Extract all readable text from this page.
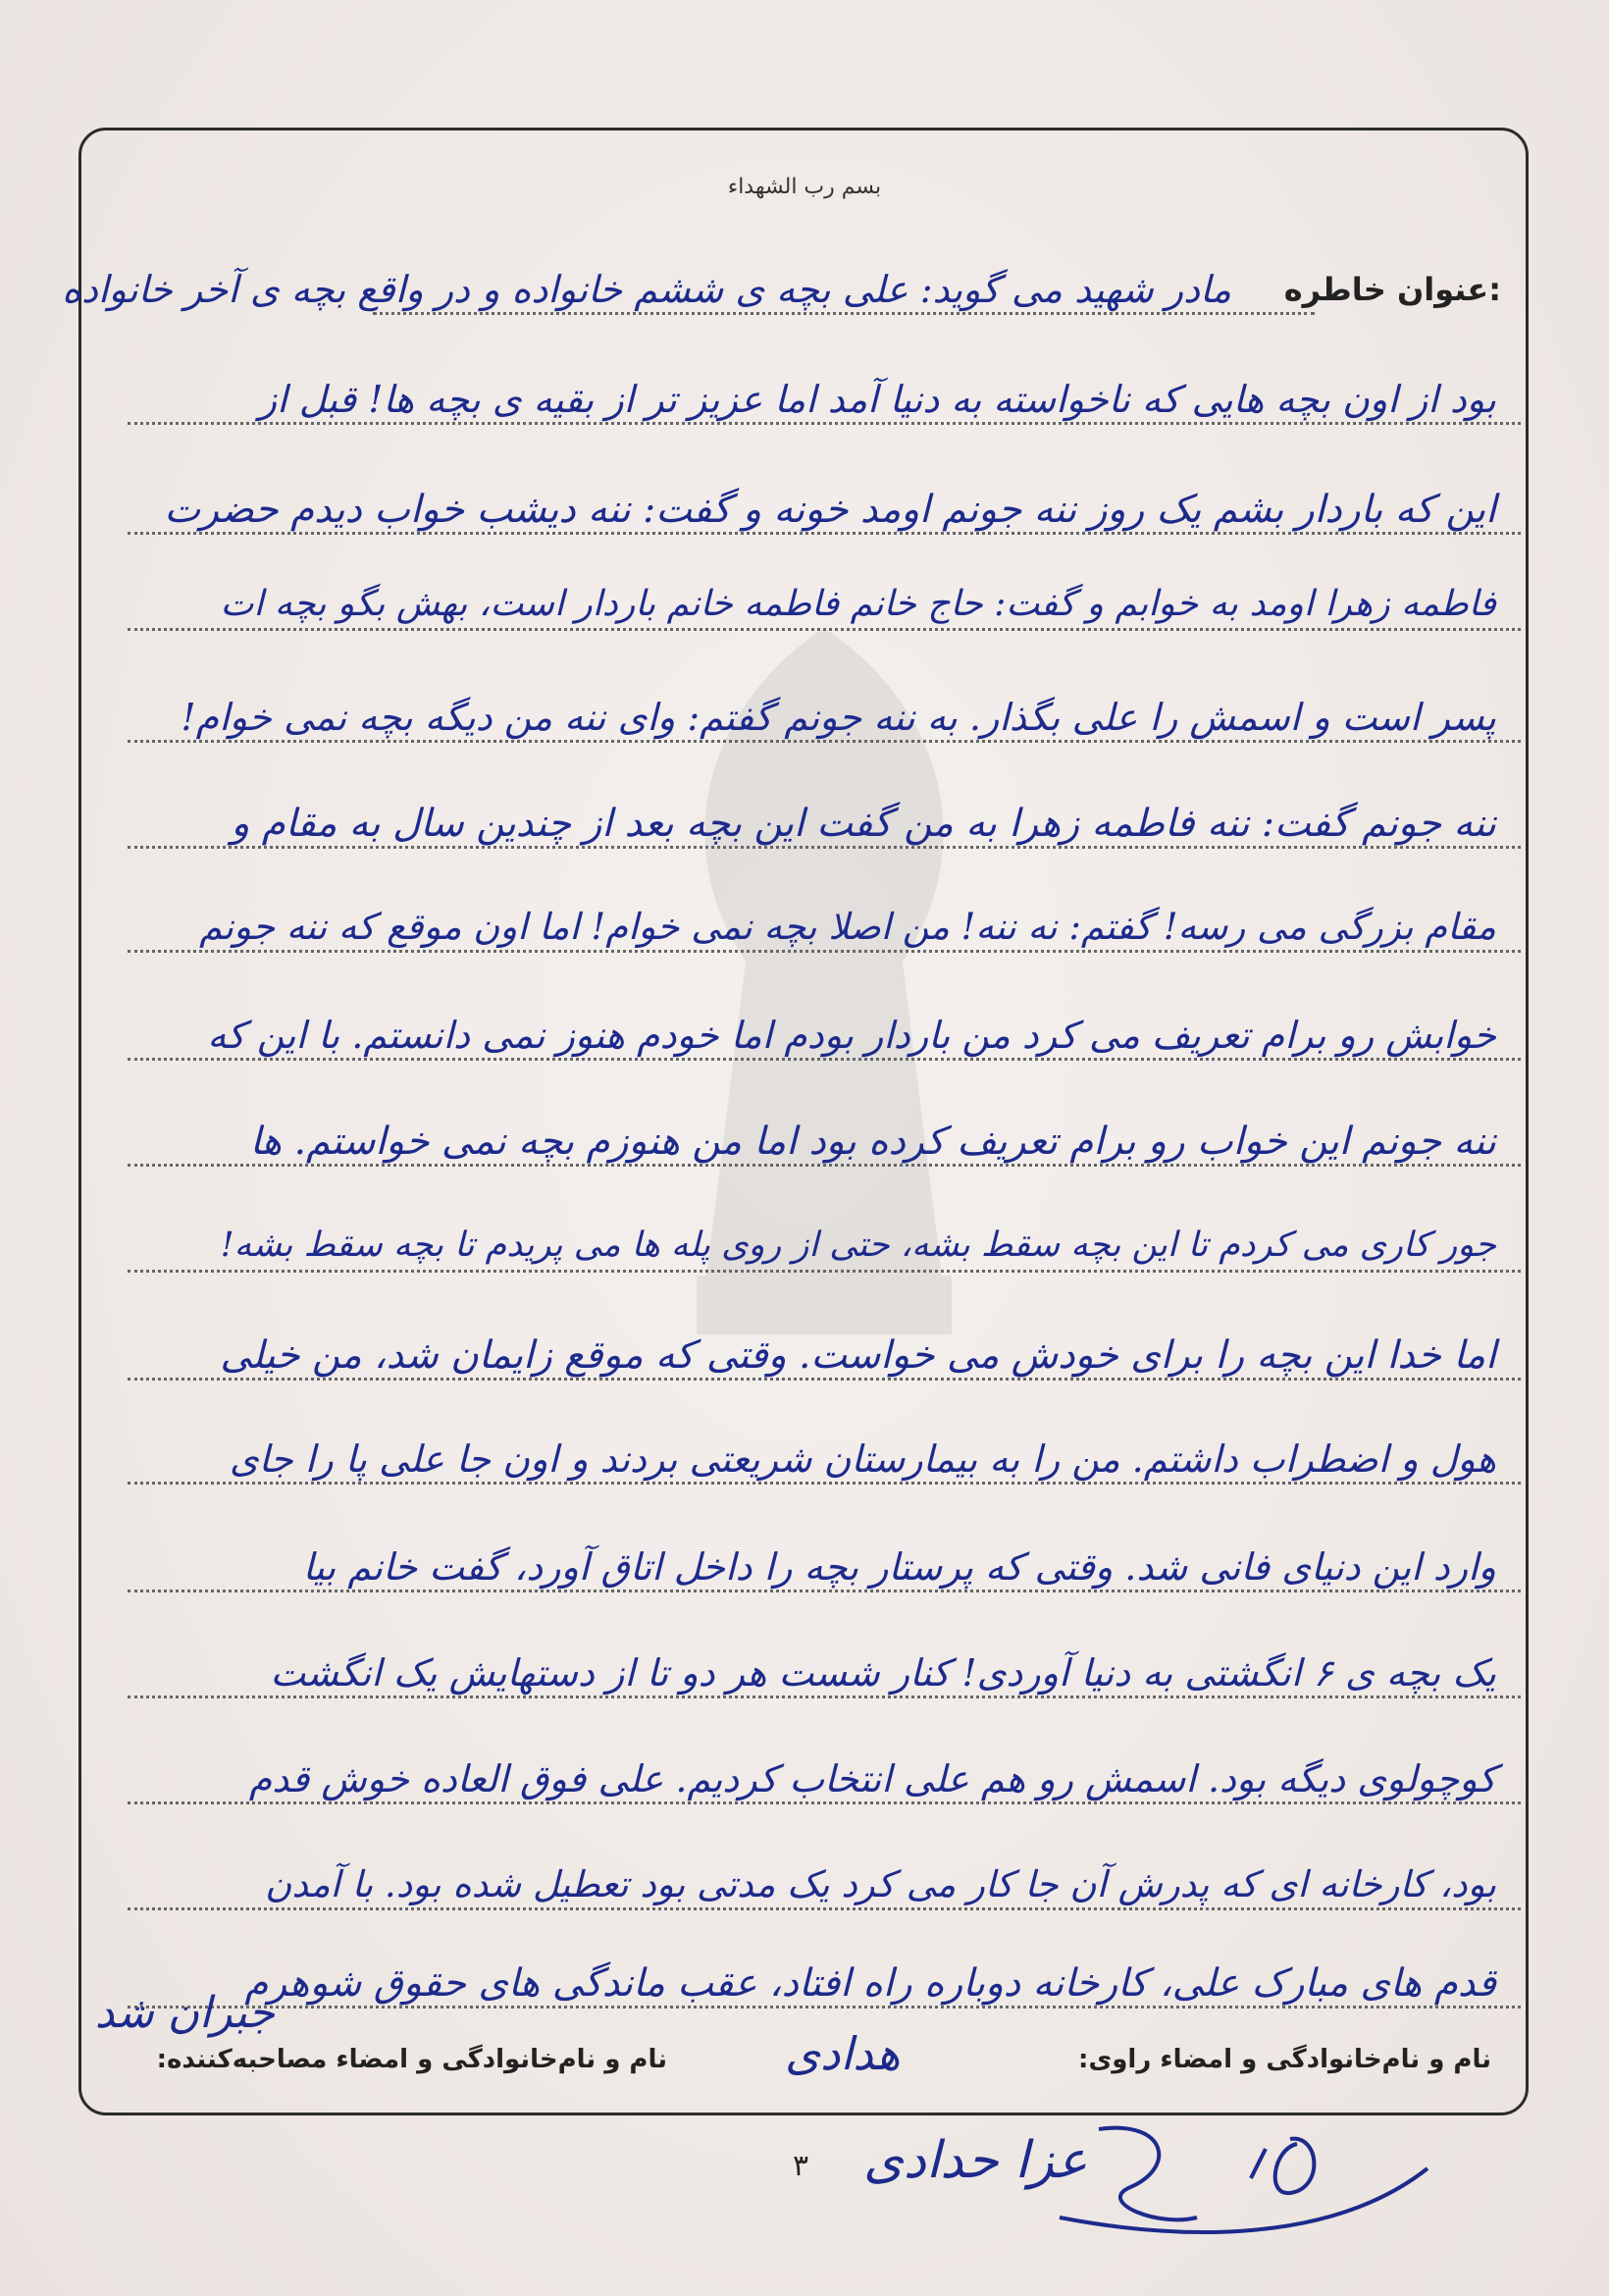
بسم رب الشهداء
عنوان خاطره:
مادر شهید می گوید: علی بچه ی ششم خانواده و در واقع بچه ی آخر خانواده
بود از اون بچه هایی که ناخواسته به دنیا آمد اما عزیز تر از بقیه ی بچه ها! قبل از
این که باردار بشم یک روز ننه جونم اومد خونه و گفت: ننه دیشب خواب دیدم حضرت
فاطمه زهرا اومد به خوابم و گفت: حاج خانم فاطمه خانم باردار است، بهش بگو بچه ات
پسر است و اسمش را علی بگذار. به ننه جونم گفتم: وای ننه من دیگه بچه نمی خوام!
ننه جونم گفت: ننه فاطمه زهرا به من گفت این بچه بعد از چندین سال به مقام و
مقام بزرگی می رسه! گفتم: نه ننه! من اصلا بچه نمی خوام! اما اون موقع که ننه جونم
خوابش رو برام تعریف می کرد من باردار بودم اما خودم هنوز نمی دانستم. با این که
ننه جونم این خواب رو برام تعریف کرده بود اما من هنوزم بچه نمی خواستم. ها
جور کاری می کردم تا این بچه سقط بشه، حتی از روی پله ها می پریدم تا بچه سقط بشه!
اما خدا این بچه را برای خودش می خواست. وقتی که موقع زایمان شد، من خیلی
هول و اضطراب داشتم. من را به بیمارستان شریعتی بردند و اون جا علی پا را جای
وارد این دنیای فانی شد. وقتی که پرستار بچه را داخل اتاق آورد، گفت خانم بیا
یک بچه ی ۶ انگشتی به دنیا آوردی! کنار شست هر دو تا از دستهایش یک انگشت
کوچولوی دیگه بود. اسمش رو هم علی انتخاب کردیم. علی فوق العاده خوش قدم
بود، کارخانه ای که پدرش آن جا کار می کرد یک مدتی بود تعطیل شده بود. با آمدن
قدم های مبارک علی، کارخانه دوباره راه افتاد، عقب ماندگی های حقوق شوهرم
جبران شد
نام و نام‌خانوادگی و امضاء راوی:
نام و نام‌خانوادگی و امضاء مصاحبه‌کننده:	هدادی
عزا حدادی
۳
